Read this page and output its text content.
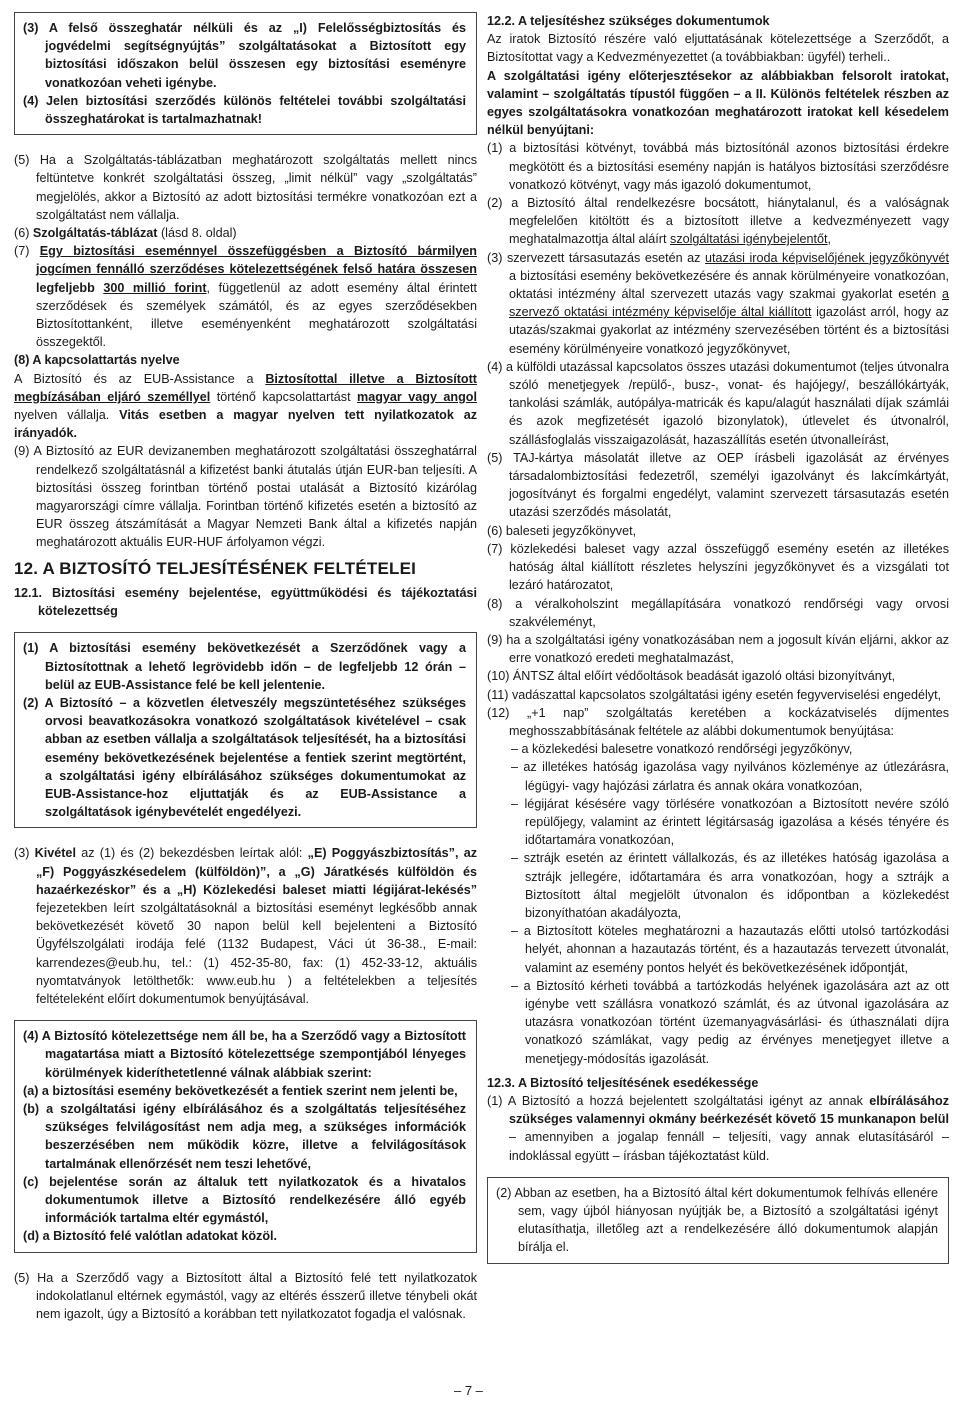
(3) A felső összeghatár nélküli és az „I) Felelősségbiztosítás és jogvédelmi segítségnyújtás” szolgáltatásokat a Biztosított egy biztosítási időszakon belül összesen egy biztosítási eseményre vonatkozóan veheti igénybe.

(4) Jelen biztosítási szerződés különös feltételei további szolgáltatási összeghatárokat is tartalmazhatnak!

(5) Ha a Szolgáltatás-táblázatban meghatározott szolgáltatás mellett nincs feltüntetve konkrét szolgáltatási összeg, „limit nélkül” vagy „szolgáltatás” megjelölés, akkor a Biztosító az adott biztosítási termékre vonatkozóan ezt a szolgáltatást nem vállalja.

(6) Szolgáltatás-táblázat (lásd 8. oldal)

(7) Egy biztosítási eseménnyel összefüggésben a Biztosító bármilyen jogcímen fennálló szerződéses kötelezettségének felső határa összesen legfeljebb 300 millió forint, függetlenül az adott esemény által érintett szerződések és személyek számától, és az egyes szerződésekben Biztosítottanként, illetve eseményenként meghatározott szolgáltatási összegektől.

(8) A kapcsolattartás nyelve

A Biztosító és az EUB-Assistance a Biztosítottal illetve a Biztosított megbízásában eljáró személlyel történő kapcsolattartást magyar vagy angol nyelven vállalja. Vitás esetben a magyar nyelven tett nyilatkozatok az irányadók.

(9) A Biztosító az EUR devizanemben meghatározott szolgáltatási összeghatárral rendelkező szolgáltatásnál a kifizetést banki átutalás útján EUR-ban teljesíti. A biztosítási összeg forintban történő postai utalását a Biztosító kizárólag magyarországi címre vállalja. Forintban történő kifizetés esetén a biztosító az EUR összeg átszámítását a Magyar Nemzeti Bank által a kifizetés napján meghatározott aktuális EUR-HUF árfolyamon végzi.

12. A BIZTOSÍTÓ TELJESÍTÉSÉNEK FELTÉTELEI

12.1. Biztosítási esemény bejelentése, együttműködési és tájékoztatási kötelezettség

(1) A biztosítási esemény bekövetkezését a Szerződőnek vagy a Biztosítottnak a lehető legrövidebb időn – de legfeljebb 12 órán – belül az EUB-Assistance felé be kell jelentenie.

(2) A Biztosító – a közvetlen életveszély megszüntetéséhez szükséges orvosi beavatkozásokra vonatkozó szolgáltatások kivételével – csak abban az esetben vállalja a szolgáltatások teljesítését, ha a biztosítási esemény bekövetkezésének bejelentése a fentiek szerint megtörtént, a szolgáltatási igény elbírálásához szükséges dokumentumokat az EUB-Assistance-hoz eljuttatják és az EUB-Assistance a szolgáltatások igénybevételét engedélyezi.

(3) Kivétel az (1) és (2) bekezdésben leírtak alól: „E) Poggyászbiztosítás”, az „F) Poggyászkésedelem (külföldön)”, a „G) Járatkésés külföldön és hazaérkezéskor” és a „H) Közlekedési baleset miatti légijárat-lekésés” fejezetekben leírt szolgáltatásoknál a biztosítási eseményt legkésőbb annak bekövetkezését követő 30 napon belül kell bejelenteni a Biztosító Ügyfélszolgálati irodája felé (1132 Budapest, Váci út 36-38., E-mail: karrendezes@eub.hu, tel.: (1) 452-35-80, fax: (1) 452-33-12, aktuális nyomtatványok letölthetők: www.eub.hu ) a feltételekben a teljesítés feltételeként előírt dokumentumok benyújtásával.

(4) A Biztosító kötelezettsége nem áll be, ha a Szerződő vagy a Biztosított magatartása miatt a Biztosító kötelezettsége szempontjából lényeges körülmények kideríthetetlenné válnak alábbiak szerint:

(a) a biztosítási esemény bekövetkezését a fentiek szerint nem jelenti be,

(b) a szolgáltatási igény elbírálásához és a szolgáltatás teljesítéséhez szükséges felvilágosítást nem adja meg, a szükséges információk beszerzésében nem működik közre, illetve a felvilágosítások tartalmának ellenőrzését nem teszi lehetővé,

(c) bejelentése során az általuk tett nyilatkozatok és a hivatalos dokumentumok illetve a Biztosító rendelkezésére álló egyéb információk tartalma eltér egymástól,

(d) a Biztosító felé valótlan adatokat közöl.

(5) Ha a Szerződő vagy a Biztosított által a Biztosító felé tett nyilatkozatok indokolatlanul eltérnek egymástól, vagy az eltérés ésszerű illetve ténybeli okát nem igazolt, úgy a Biztosító a korábban tett nyilatkozatot fogadja el valósnak.

12.2. A teljesítéshez szükséges dokumentumok

Az iratok Biztosító részére való eljuttatásának kötelezettsége a Szerződőt, a Biztosítottat vagy a Kedvezményezettet (a továbbiakban: ügyfél) terheli..

A szolgáltatási igény előterjesztésekor az alábbiakban felsorolt iratokat, valamint – szolgáltatás típustól függően – a II. Különös feltételek részben az egyes szolgáltatásokra vonatkozóan meghatározott iratokat kell késedelem nélkül benyújtani:

(1) a biztosítási kötvényt, továbbá más biztosítónál azonos biztosítási érdekre megkötött és a biztosítási esemény napján is hatályos biztosítási szerződésre vonatkozó kötvényt, vagy más igazoló dokumentumot,

(2) a Biztosító által rendelkezésre bocsátott, hiánytalanul, és a valóságnak megfelelően kitöltött és a biztosított illetve a kedvezményezett vagy meghatalmazottja által aláírt szolgáltatási igénybejelentőt,

(3) szervezett társasutazás esetén az utazási iroda képviselőjének jegyzőkönyvét a biztosítási esemény bekövetkezésére és annak körülményeire vonatkozóan, oktatási intézmény által szervezett utazás vagy szakmai gyakorlat esetén a szervező oktatási intézmény képviselője által kiállított igazolást arról, hogy az utazás/szakmai gyakorlat az intézmény szervezésében történt és a biztosítási esemény körülményeire vonatkozó jegyzőkönyvet,

(4) a külföldi utazással kapcsolatos összes utazási dokumentumot (teljes útvonalra szóló menetjegyek /repülő-, busz-, vonat- és hajójegy/, beszállókártyák, tankolási számlák, autópálya-matricák és kapu/alagút használati díjak számlái és azok megfizetését igazoló bizonylatok), útlevelet és útvonalról, szállásfoglalás visszaigazolását, hazaszállítás esetén útvonalleírást,

(5) TAJ-kártya másolatát illetve az OEP írásbeli igazolását az érvényes társadalombiztosítási fedezetről, személyi igazolványt és lakcímkártyát, jogosítványt és forgalmi engedélyt, valamint szervezett társasutazás esetén utazási szerződés másolatát,

(6) baleseti jegyzőkönyvet,

(7) közlekedési baleset vagy azzal összefüggő esemény esetén az illetékes hatóság által kiállított részletes helyszíni jegyzőkönyvet és a vizsgálati tot lezáró határozatot,

(8) a véralkoholszint megállapítására vonatkozó rendőrségi vagy orvosi szakvéleményt,

(9) ha a szolgáltatási igény vonatkozásában nem a jogosult kíván eljárni, akkor az erre vonatkozó eredeti meghatalmazást,

(10) ÁNTSZ által előírt védőoltások beadását igazoló oltási bizonyítványt,

(11) vadászattal kapcsolatos szolgáltatási igény esetén fegyverviselési engedélyt,

(12) „+1 nap” szolgáltatás keretében a kockázatviselés díjmentes meghosszabbításának feltétele az alábbi dokumentumok benyújtása:

– a közlekedési balesetre vonatkozó rendőrségi jegyzőkönyv,

– az illetékes hatóság igazolása vagy nyilvános közleménye az útlezárásra, légügyi- vagy hajózási zárlatra és annak okára vonatkozóan,

– légijárat késésére vagy törlésére vonatkozóan a Biztosított nevére szóló repülőjegy, valamint az érintett légitársaság igazolása a késés tényére és időtartamára vonatkozóan,

– sztrájk esetén az érintett vállalkozás, és az illetékes hatóság igazolása a sztrájk jellegére, időtartamára és arra vonatkozóan, hogy a sztrájk a Biztosított által megjelölt útvonalon és időpontban a közlekedést bizonyíthatóan akadályozta,

– a Biztosított köteles meghatározni a hazautazás előtti utolsó tartózkodási helyét, ahonnan a hazautazás történt, és a hazautazás tervezett útvonalát, valamint az esemény pontos helyét és bekövetkezésének időpontját,

– a Biztosító kérheti továbbá a tartózkodás helyének igazolására azt az ott igénybe vett szállásra vonatkozó számlát, és az útvonal igazolására az utazásra vonatkozóan történt üzemanyagvásárlási- és úthasználati díjra vonatkozó számlákat, vagy pedig az érvényes menetjegyet illetve a menetjegy-módosítás igazolását.

12.3. A Biztosító teljesítésének esedékessége

(1) A Biztosító a hozzá bejelentett szolgáltatási igényt az annak elbírálásához szükséges valamennyi okmány beérkezését követő 15 munkanapon belül – amennyiben a jogalap fennáll – teljesíti, vagy annak elutasításáról – indoklással együtt – írásban tájékoztatást küld.

(2) Abban az esetben, ha a Biztosító által kért dokumentumok felhívás ellenére sem, vagy újból hiányosan nyújtják be, a Biztosító a szolgáltatási igényt elutasíthatja, illetőleg azt a rendelkezésére álló dokumentumok alapján bírálja el.

– 7 –
